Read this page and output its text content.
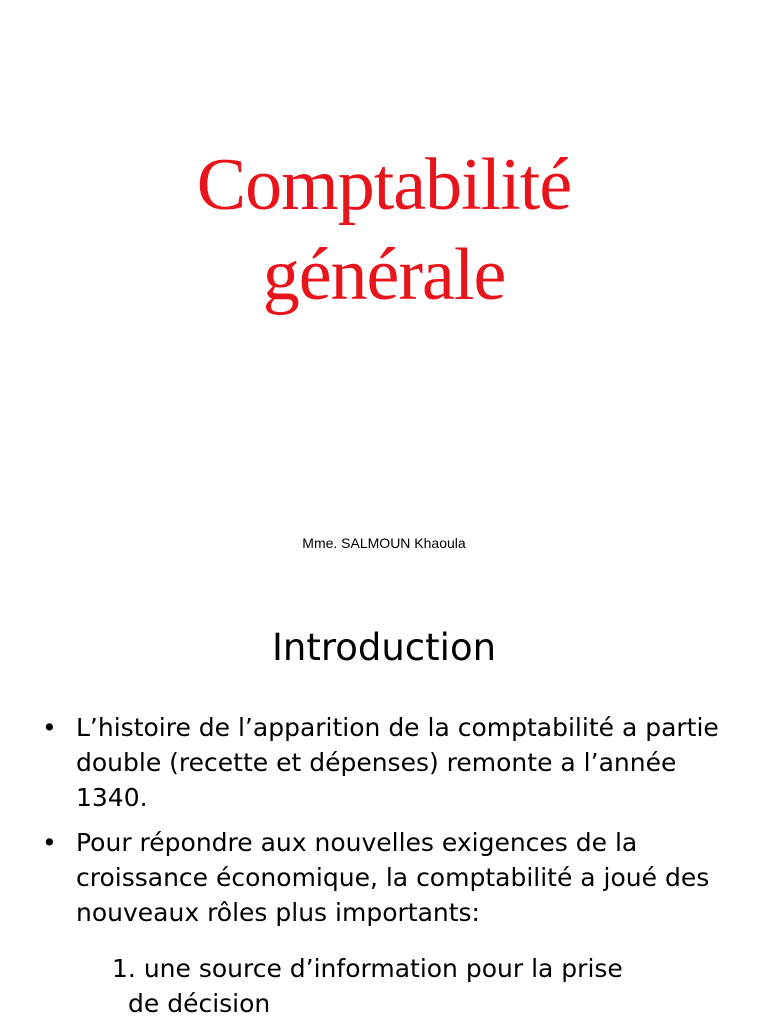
Comptabilité
générale
Mme. SALMOUN Khaoula
Introduction
• L’histoire de l’apparition de la comptabilité a partie double (recette et dépenses) remonte a l’année 1340.
• Pour répondre aux nouvelles exigences de la croissance économique, la comptabilité a joué des nouveaux rôles plus importants:
1. une source d’information pour la prise
de décision
